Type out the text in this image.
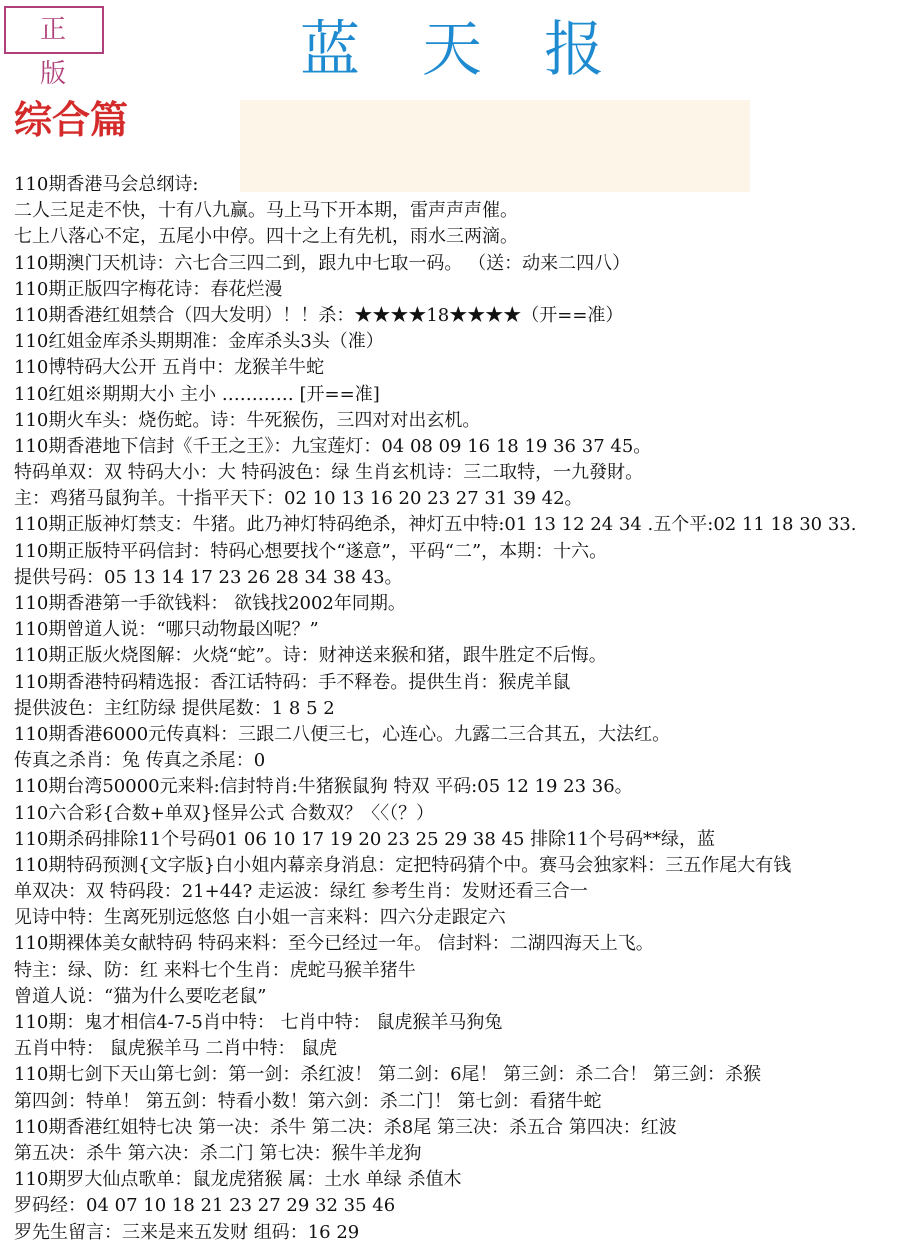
正 版	蓝天报
综合篇
110期香港马会总纲诗:
二人三足走不快，十有八九赢。马上马下开本期，雷声声声催。
七上八落心不定，五尾小中停。四十之上有先机，雨水三两滴。
110期澳门天机诗：六七合三四二到，跟九中七取一码。 （送：动来二四八）
110期正版四字梅花诗：春花烂漫
110期香港红姐禁合（四大发明）！！杀：★★★★18★★★★（开==准）
110红姐金库杀头期期准：金库杀头3头（准）
110博特码大公开 五肖中：龙猴羊牛蛇
110红姐※期期大小 主小 ………… [开==准]
110期火车头：烧伤蛇。诗：牛死猴伤，三四对对出玄机。
110期香港地下信封《千王之王》：九宝莲灯：04 08 09 16 18 19 36 37 45。
特码单双：双 特码大小：大 特码波色：绿 生肖玄机诗：三二取特，一九發財。
主：鸡猪马鼠狗羊。十指平天下：02 10 13 16 20 23 27 31 39 42。
110期正版神灯禁支：牛猪。此乃神灯特码绝杀，神灯五中特:01 13 12 24 34 .五个平:02 11 18 30 33.
110期正版特平码信封：特码心想要找个“遂意”，平码“二”，本期：十六。
提供号码：05 13 14 17 23 26 28 34 38 43。
110期香港第一手欲钱料： 欲钱找2002年同期。
110期曾道人说：“哪只动物最凶呢？”
110期正版火烧图解：火烧“蛇”。诗：财神送来猴和猪，跟牛胜定不后悔。
110期香港特码精选报：香江话特码：手不释卷。提供生肖：猴虎羊鼠
提供波色：主红防绿 提供尾数：1 8 5 2
110期香港6000元传真料：三跟二八便三七，心连心。九露二三合其五，大法红。
传真之杀肖：兔 传真之杀尾：0
110期台湾50000元来料:信封特肖:牛猪猴鼠狗 特双 平码:05 12 19 23 36。
110六合彩{合数+单双}怪异公式 合数双？〈〈（？）
110期杀码排除11个号码01 06 10 17 19 20 23 25 29 38 45 排除11个号码**绿，蓝
110期特码预测{文字版}白小姐内幕亲身消息：定把特码猜个中。赛马会独家料：三五作尾大有钱
单双决：双 特码段：21+44? 走运波：绿红 参考生肖：发财还看三合一
见诗中特：生离死别远悠悠 白小姐一言来料：四六分走跟定六
110期裸体美女献特码 特码来料：至今已经过一年。 信封料：二湖四海天上飞。
特主：绿、防：红 来料七个生肖：虎蛇马猴羊猪牛
曾道人说：“猫为什么要吃老鼠”
110期：鬼才相信4-7-5肖中特： 七肖中特： 鼠虎猴羊马狗兔
五肖中特： 鼠虎猴羊马 二肖中特： 鼠虎
110期七剑下天山第七剑：第一剑：杀红波！ 第二剑：6尾！ 第三剑：杀二合！ 第三剑：杀猴
第四剑：特单！ 第五剑：特看小数！第六剑：杀二门！ 第七剑：看猪牛蛇
110期香港红姐特七决 第一决：杀牛 第二决：杀8尾 第三决：杀五合 第四决：红波
第五决：杀牛 第六决：杀二门 第七决：猴牛羊龙狗
110期罗大仙点歌单：鼠龙虎猪猴 属：土水 单绿 杀值木
罗码经：04 07 10 18 21 23 27 29 32 35 46
罗先生留言：三来是来五发财 组码：16 29
